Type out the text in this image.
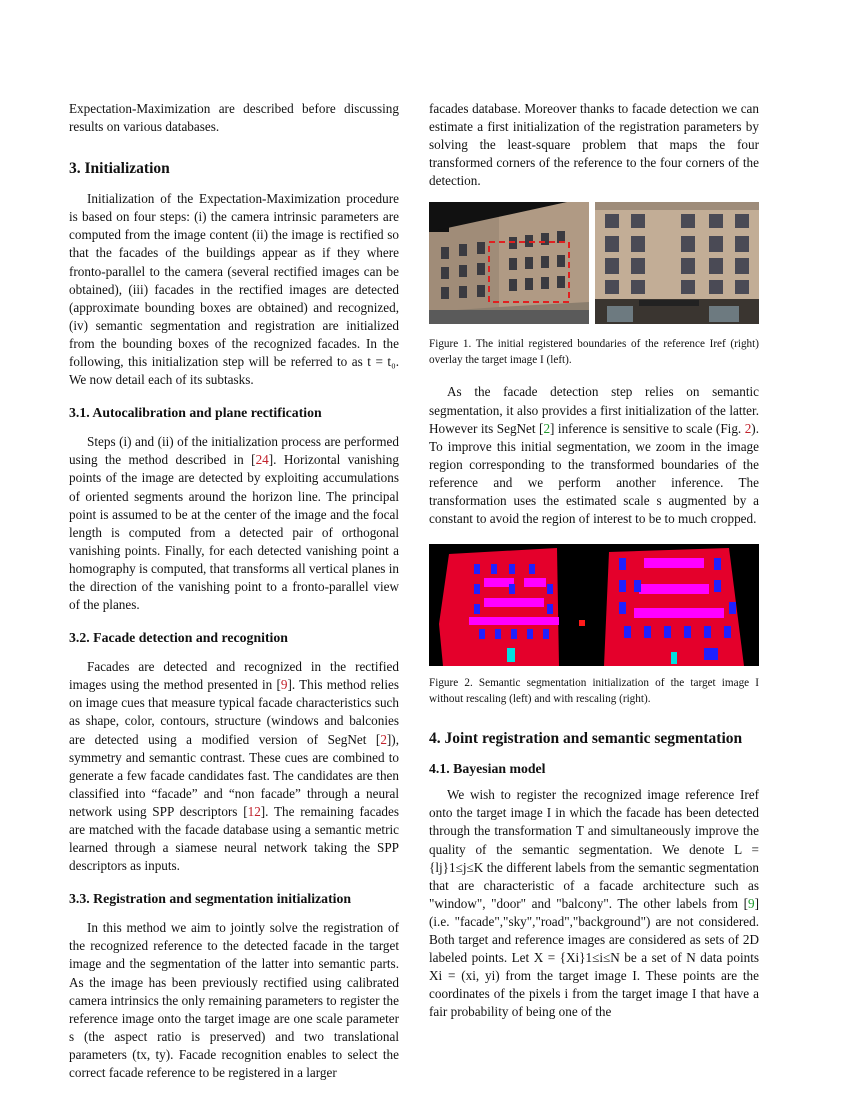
Expectation-Maximization are described before discussing results on various databases.

3. Initialization

Initialization of the Expectation-Maximization procedure is based on four steps: (i) the camera intrinsic parameters are computed from the image content (ii) the image is rectified so that the facades of the buildings appear as if they where fronto-parallel to the camera (several rectified images can be obtained), (iii) facades in the rectified images are detected (approximate bounding boxes are obtained) and recognized, (iv) semantic segmentation and registration are initialized from the bounding boxes of the recognized facades. In the following, this initialization step will be referred to as t = t₀. We now detail each of its subtasks.

3.1. Autocalibration and plane rectification

Steps (i) and (ii) of the initialization process are performed using the method described in [24]. Horizontal vanishing points of the image are detected by exploiting accumulations of oriented segments around the horizon line. The principal point is assumed to be at the center of the image and the focal length is computed from a detected pair of orthogonal vanishing points. Finally, for each detected vanishing point a homography is computed, that transforms all vertical planes in the direction of the vanishing point to a fronto-parallel view of the planes.

3.2. Facade detection and recognition

Facades are detected and recognized in the rectified images using the method presented in [9]. This method relies on image cues that measure typical facade characteristics such as shape, color, contours, structure (windows and balconies are detected using a modified version of SegNet [2]), symmetry and semantic contrast. These cues are combined to generate a few facade candidates fast. The candidates are then classified into “facade” and “non facade” through a neural network using SPP descriptors [12]. The remaining facades are matched with the facade database using a semantic metric learned through a siamese neural network taking the SPP descriptors as inputs.

3.3. Registration and segmentation initialization

In this method we aim to jointly solve the registration of the recognized reference to the detected facade in the target image and the segmentation of the latter into semantic parts. As the image has been previously rectified using calibrated camera intrinsics the only remaining parameters to register the reference image onto the target image are one scale parameter s (the aspect ratio is preserved) and two translational parameters (tx, ty). Facade recognition enables to select the correct facade reference to be registered in a larger

facades database. Moreover thanks to facade detection we can estimate a first initialization of the registration parameters by solving the least-square problem that maps the four transformed corners of the reference to the four corners of the detection.

Figure 1. The initial registered boundaries of the reference Iref (right) overlay the target image I (left).

As the facade detection step relies on semantic segmentation, it also provides a first initialization of the latter. However its SegNet [2] inference is sensitive to scale (Fig. 2). To improve this initial segmentation, we zoom in the image region corresponding to the transformed boundaries of the reference and we perform another inference. The transformation uses the estimated scale s augmented by a constant to avoid the region of interest to be to much cropped.

Figure 2. Semantic segmentation initialization of the target image I without rescaling (left) and with rescaling (right).

4. Joint registration and semantic segmentation
4.1. Bayesian model

We wish to register the recognized image reference Iref onto the target image I in which the facade has been detected through the transformation T and simultaneously improve the quality of the semantic segmentation. We denote L = {lj}1≤j≤K the different labels from the semantic segmentation that are characteristic of a facade architecture such as "window", "door" and "balcony". The other labels from [9] (i.e. "facade","sky","road","background") are not considered. Both target and reference images are considered as sets of 2D labeled points. Let X = {Xi}1≤i≤N be a set of N data points Xi = (xi, yi) from the target image I. These points are the coordinates of the pixels i from the target image I that have a fair probability of being one of the
